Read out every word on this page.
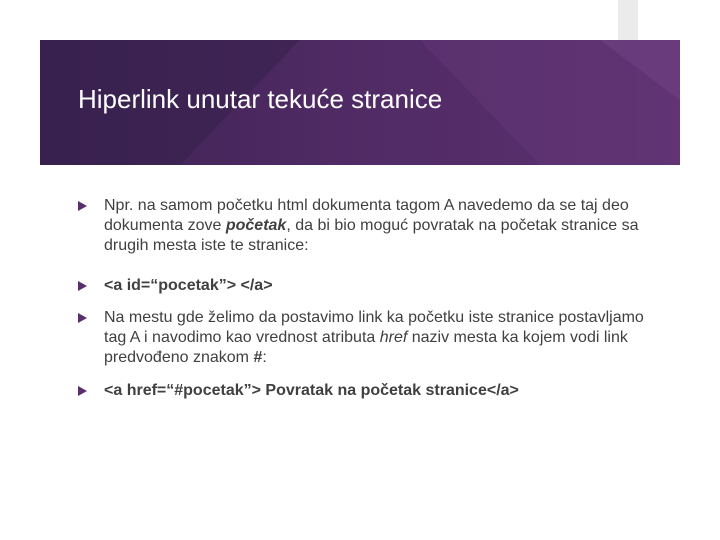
Hiperlink unutar tekuće stranice
Npr. na samom početku html dokumenta tagom A navedemo da se taj deo dokumenta zove početak, da bi bio moguć povratak na početak stranice sa drugih mesta iste te stranice:
<a id=“pocetak”> </a>
Na mestu gde želimo da postavimo link ka početku iste stranice postavljamo tag A i navodimo kao vrednost atributa href naziv mesta ka kojem vodi link predvođeno znakom #:
<a href=“#pocetak”> Povratak na početak stranice</a>
